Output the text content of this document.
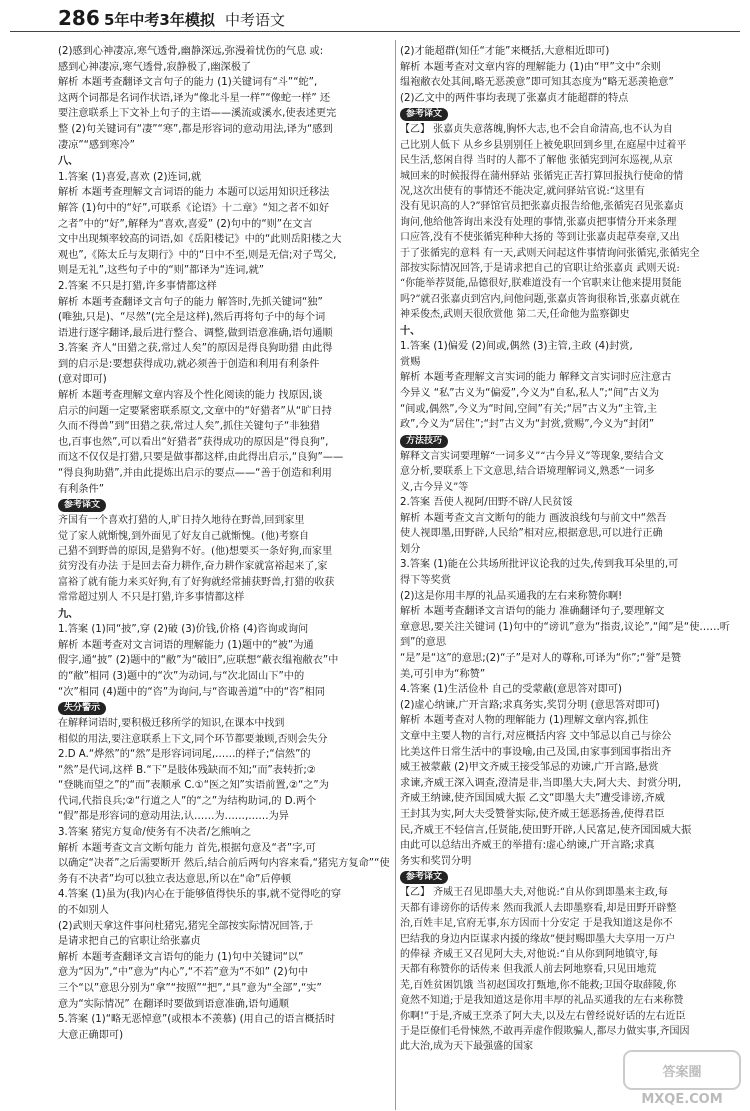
286 5年中考3年模拟 中考语文

(2)感到心神凄凉,寒气透骨,幽静深远,弥漫着忧伤的气息 或:

感到心神凄凉,寒气透骨,寂静极了,幽深极了

解析 本题考查翻译文言句子的能力 (1)关键词有“斗”“蛇”,

这两个词都是名词作状语,译为“像北斗星一样”“像蛇一样” 还

要注意联系上下文补上句子的主语——溪流或溪水,使表述更完

整 (2)句关键词有“凄”“寒”,都是形容词的意动用法,译为“感到

凄凉”“感到寒冷”

八、

1.答案 (1)喜爱,喜欢 (2)连词,就

解析 本题考查理解文言词语的能力 本题可以运用知识迁移法

解答 (1)句中的“好”,可联系《论语》十二章》“知之者不如好

之者”中的“好”,解释为“喜欢,喜爱” (2)句中的“则”在文言

文中出现频率较高的词语,如《岳阳楼记》中的“此则岳阳楼之大

观也”,《陈太丘与友期行》中的“日中不至,则是无信;对子骂父,

则是无礼”,这些句子中的“则”都译为“连词,就”

2.答案 不只是打猎,许多事情都这样

解析 本题考查翻译文言句子的能力 解答时,先抓关键词“独”

(唯独,只是)、“尽然”(完全是这样),然后再将句子中的每个词

语进行逐字翻译,最后进行整合、调整,做到语意准确,语句通顺

3.答案 齐人“田猎之获,常过人矣”的原因是得良狗助猎 由此得

到的启示是:要想获得成功,就必须善于创造和利用有利条件

(意对即可)

解析 本题考查理解文章内容及个性化阅读的能力 找原因,谈

启示的问题一定要紧密联系原文,文章中的“好猎者”从“旷日持

久而不得兽”到“田猎之获,常过人矣”,抓住关键句子“非独猎

也,百事也然”,可以看出“好猎者”获得成功的原因是“得良狗”,

而这不仅仅是打猎,只要是做事都这样,由此得出启示,“良狗”——

“得良狗助猎”,并由此提炼出启示的要点——“善于创造和利用

有利条件”

参考译文

齐国有一个喜欢打猎的人,旷日持久地待在野兽,回到家里

觉了家人就惭愧,到外面见了好友自己就惭愧。(他)考察自

己猎不到野兽的原因,是猎狗不好。(他)想要买一条好狗,而家里

贫穷没有办法 于是回去奋力耕作,奋力耕作家就富裕起来了,家

富裕了就有能力来买好狗,有了好狗就经常捕获野兽,打猎的收获

常常超过别人 不只是打猎,许多事情都这样

九、

1.答案 (1)同“披”,穿 (2)破 (3)价钱,价格 (4)咨询或询问

解析 本题考查对文言词语的理解能力 (1)题中的“被”为通

假字,通“披” (2)题中的“敝”为“破旧”,应联想“蔽衣缊袍敝衣”中

的“敝”相同 (3)题中的“次”为动词,与“次北固山下”中的

“次”相同 (4)题中的“咨”为询问,与“咨诹善道”中的“咨”相同

失分警示

在解释词语时,要积极迁移所学的知识,在课本中找到

相似的用法,要注意联系上下文,同个环节都要兼顾,否则会失分

2.D A.“烨然”的“然”是形容词词尾,……的样子;“信然”的

“然”是代词,这样 B.“下”是肢体残缺而不知;“而”表转折;②

“登眺而望之”的“而”表顺承 C.①“医之知”实语前置,②“之”为

代词,代指良兵;②“行道之人”的“之”为结构助词,的 D.两个

“假”都是形容词的意动用法,认……为……,……为异

3.答案 猪宪方复命/使务有不决者/乞熊响之

解析 本题考查文言文断句能力 首先,根据句意及“者”字,可

以确定“决者”之后需要断开 然后,结合前后两句内容来看,“猪宪方复命”“使

务有不决者”均可以独立表达意思,所以在“命”后停顿

4.答案 (1)虽为(我)内心在于能够值得快乐的事,就不觉得吃的穿

的不如别人

(2)武则天拿这件事问杜猪宪,猪宪全部按实际情况回答,于

是请求把自己的官职让给张嘉贞

解析 本题考查翻译文言语句的能力 (1)句中关键词“以”

意为“因为”,“中”意为“内心”,“不若”意为“不如” (2)句中

三个“以”意思分别为“拿”“按照”“把”,“具”意为“全部”,“实”

意为“实际情况” 在翻译时要做到语意准确,语句通顺

5.答案 (1)“略无恶悼意”(或根本不羡慕) (用自己的语言概括时

大意正确即可)

(2)才能超群(知任“才能”来概括,大意相近即可)

解析 本题考查对文章内容的理解能力 (1)由“甲”文中“余则

缊袍敝衣处其间,略无恶羡意”即可知其态度为“略无恶羡艳意”

(2)乙文中的两件事均表现了张嘉贞才能超群的特点

参考译文

【乙】 张嘉贞失意落魄,胸怀大志,也不会自命清高,也不认为自

己比别人低下 从乡乡县别别任上被免职回到乡里,在庭屋中过着平

民生活,悠闲自得 当时的人都不了解他 张循宪到河东巡视,从京

城回来的时候报得在蒲州驿站 张循宪正苦打算回报执行使命的情

况,这次出使有的事情还不能决定,就问驿站官说:“这里有

没有见识高的人?”驿馆官员把张嘉贞报告给他,张循宪召见张嘉贞

询问,他给他答询出来没有处理的事情,张嘉贞把事情分开来条理

口应答,没有不使张循宪种种大扬的 等到让张嘉贞起草奏章,又出

于了张循宪的意料 有一天,武则天问起这件事情询问张循宪,张循宪全

部按实际情况回答,于是请求把自己的官职让给张嘉贞 武则天说:

“你能举荐贤能,品德很好,朕难道没有一个官职来让他来提用贤能

吗?”就召张嘉贞到宫内,问他问题,张嘉贞答询很称旨,张嘉贞就在

神采俊杰,武则天很欣赏他 第二天,任命他为监察御史

十、

1.答案 (1)偏爱 (2)间或,偶然 (3)主管,主政 (4)封赏,

赏赐

解析 本题考查理解文言实词的能力 解释文言实词时应注意古

今异义 “私”古义为“偏爱”,今义为“自私,私人”;“间”古义为

“间或,偶然”,今义为“时间,空间”有关;“居”古义为“主管,主

政”,今义为“居住”;“封”古义为“封赏,赏赐”,今义为“封闭”

方法技巧

解释文言实词要理解“一词多义”“古今异义”等现象,要结合文

意分析,要联系上下文意思,结合语境理解词义,熟悉“一词多

义,古今异义”等

2.答案 吾使人视阿/田野不辟/人民贫馁

解析 本题考查文言文断句的能力 画波浪线句与前文中“然吾

使人视即墨,田野辟,人民给”相对应,根据意思,可以进行正确

划分

3.答案 (1)能在公共场所批评议论我的过失,传到我耳朵里的,可

得下等奖赏

(2)这是你用丰厚的礼品买通我的左右来称赞你啊!

解析 本题考查翻译文言语句的能力 准确翻译句子,要理解文

章意思,要关注关键词 (1)句中的“谤讥”意为“指责,议论”,“闻”是“使……听到”的意思

“是”是“这”的意思;(2)“子”是对人的尊称,可译为“你”;“誉”是赞

美,可引申为“称赞”

4.答案 (1)生活俭朴 自己的受蒙蔽(意思答对即可)

(2)虚心纳谏,广开言路;求真务实,奖罚分明 (意思答对即可)

解析 本题考查对人物的理解能力 (1)理解文章内容,抓住

文章中主要人物的言行,对应概括内容 文中邹忌以自己与徐公

比美这件日常生活中的事设喻,由己及国,由家事到国事指出齐

威王被蒙蔽 (2)甲文齐威王接受邹忌的劝谏,广开言路,悬赏

求谏,齐威王深入调查,澄清是非,当即墨大夫,阿大夫、封赏分明,

齐威王纳谏,使齐国国威大振 乙文“即墨大夫”遭受诽谤,齐威

王封其为实,阿大夫受赞誉实际,使齐威王惩恶扬善,使得君臣

民,齐威王不轻信言,任贤能,使田野开辟,人民富足,使齐国国威大振

由此可以总结出齐威王的举措有:虚心纳谏,广开言路;求真

务实和奖罚分明

参考译文

【乙】 齐威王召见即墨大夫,对他说:“自从你到即墨来主政,每

天都有诽谤你的话传来 然而我派人去即墨察看,却是田野开辟整

治,百姓丰足,官府无事,东方因而十分安定 于是我知道这是你不

巴结我的身边内臣谋求内援的缘故”便封赐即墨大夫享用一万户

的俸禄 齐威王又召见阿大夫,对他说:“自从你到阿地镇守,每

天都有称赞你的话传来 但我派人前去阿地察看,只见田地荒

芜,百姓贫困饥饿 当初赵国攻打甄地,你不能救;卫国夺取薛陵,你

竟然不知道;于是我知道这是你用丰厚的礼品买通我的左右来称赞

你啊!”于是,齐威王烹杀了阿大夫,以及左右曾经说好话的左右近臣

于是臣僚们毛骨悚然,不敢再弄虚作假欺骗人,都尽力做实事,齐国因

此大治,成为天下最强盛的国家

答案圈
MXQE.COM
